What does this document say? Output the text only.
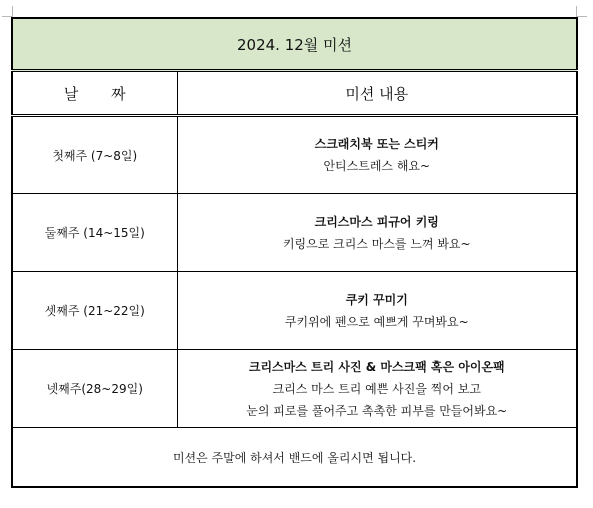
2024. 12월 미션	
날 짜	미션 내용
첫째주 (7~8일)	스크래치북 또는 스티커
안티스트레스 해요~

둘째주 (14~15일)	크리스마스 피규어 키링
키링으로 크리스 마스를 느껴 봐요~

셋째주 (21~22일)	쿠키 꾸미기
쿠키위에 펜으로 예쁘게 꾸며봐요~

넷째주(28~29일)	크리스마스 트리 사진 & 마스크팩 혹은 아이온팩
크리스 마스 트리 예쁜 사진을 찍어 보고
눈의 피로를 풀어주고 촉촉한 피부를 만들어봐요~

미션은 주말에 하셔서 밴드에 올리시면 됩니다.	
